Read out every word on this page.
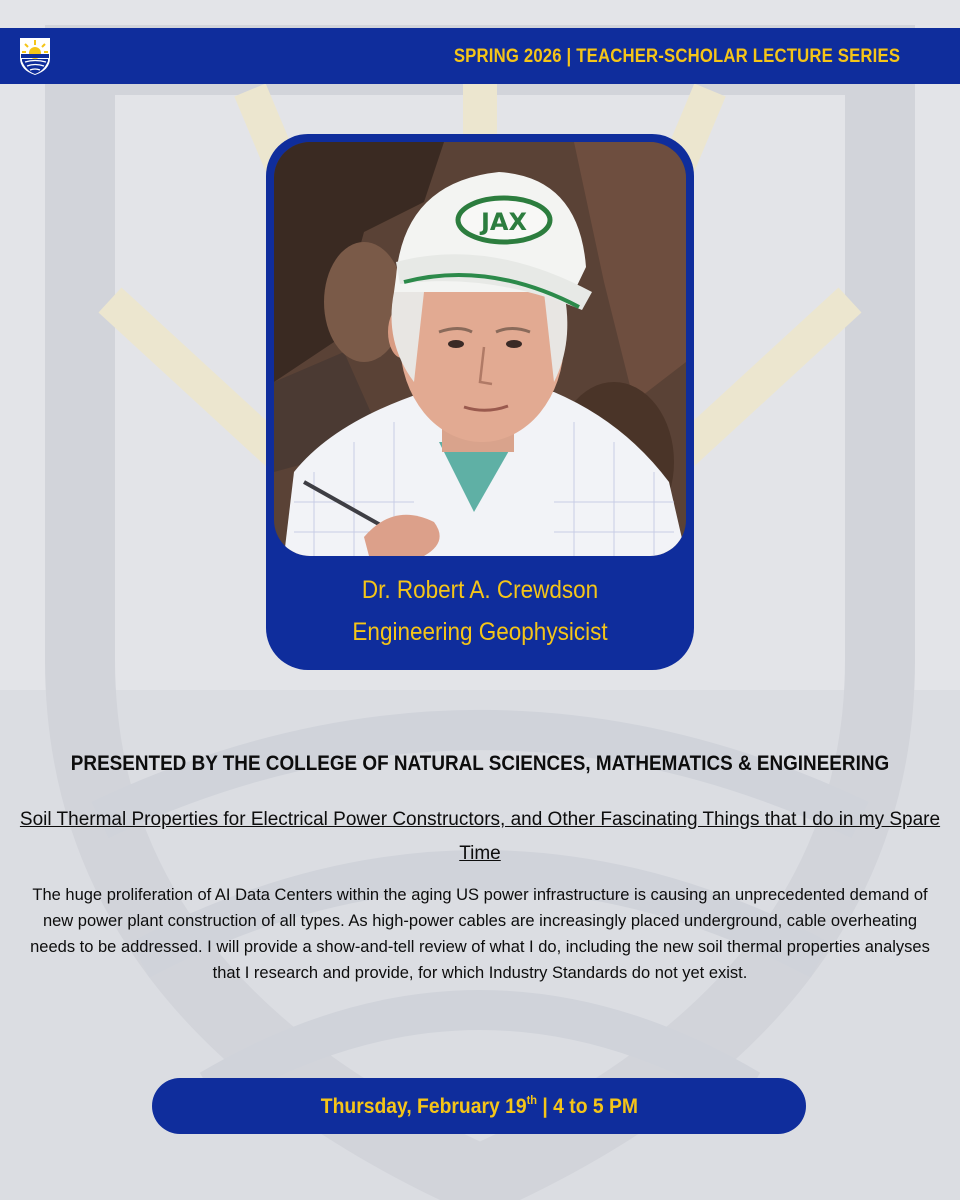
SPRING 2026 | TEACHER-SCHOLAR LECTURE SERIES
JAX
Dr. Robert A. Crewdson
Engineering Geophysicist
PRESENTED BY THE COLLEGE OF NATURAL SCIENCES, MATHEMATICS & ENGINEERING
Soil Thermal Properties for Electrical Power Constructors, and Other Fascinating Things that I do in my Spare Time
The huge proliferation of AI Data Centers within the aging US power infrastructure is causing an unprecedented demand of new power plant construction of all types. As high-power cables are increasingly placed underground, cable overheating needs to be addressed. I will provide a show-and-tell review of what I do, including the new soil thermal properties analyses that I research and provide, for which Industry Standards do not yet exist.
Thursday, February 19th | 4 to 5 PM
